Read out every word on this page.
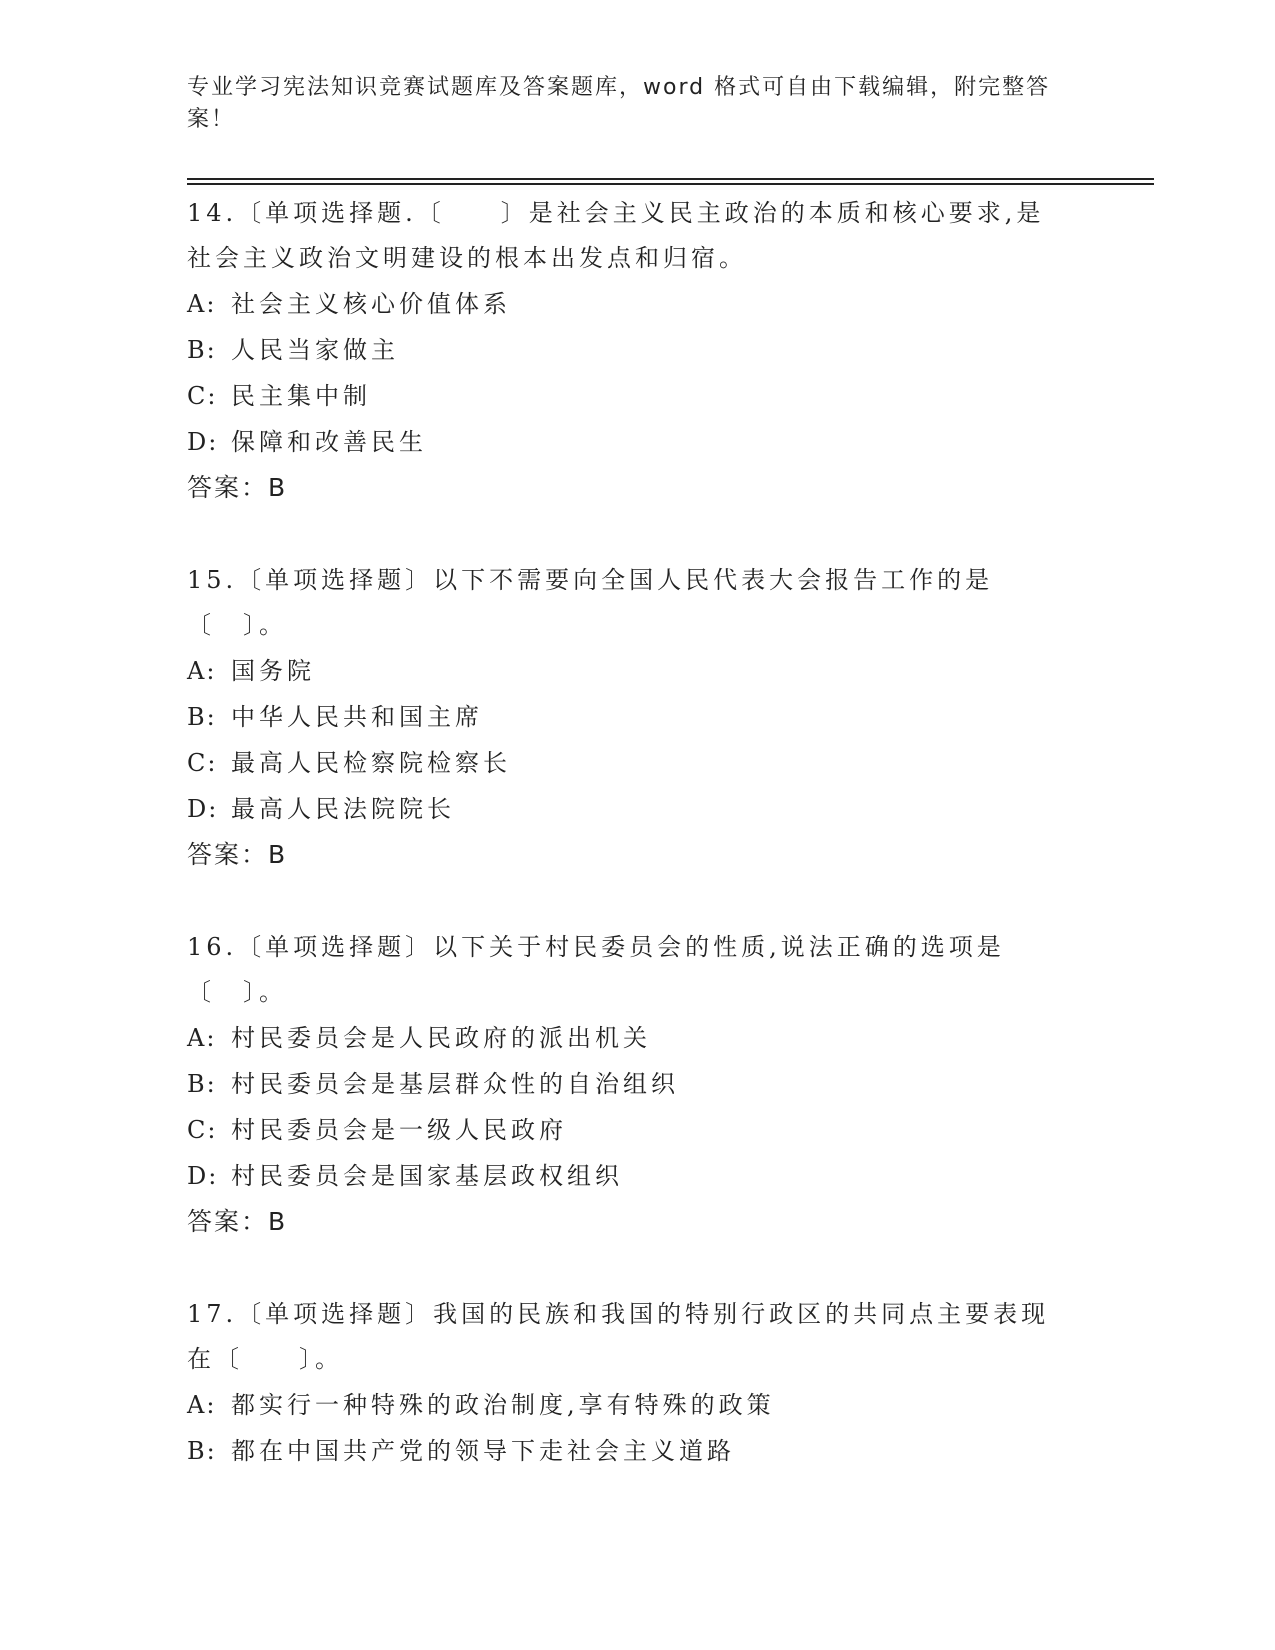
专业学习宪法知识竞赛试题库及答案题库，word 格式可自由下载编辑，附完整答案！
14.〔单项选择题.〔　　〕是社会主义民主政治的本质和核心要求,是社会主义政治文明建设的根本出发点和归宿。
A: 社会主义核心价值体系
B: 人民当家做主
C: 民主集中制
D: 保障和改善民生
答案：B
15.〔单项选择题〕以下不需要向全国人民代表大会报告工作的是〔　〕。
A: 国务院
B: 中华人民共和国主席
C: 最高人民检察院检察长
D: 最高人民法院院长
答案：B
16.〔单项选择题〕以下关于村民委员会的性质,说法正确的选项是〔　〕。
A: 村民委员会是人民政府的派出机关
B: 村民委员会是基层群众性的自治组织
C: 村民委员会是一级人民政府
D: 村民委员会是国家基层政权组织
答案：B
17.〔单项选择题〕我国的民族和我国的特别行政区的共同点主要表现在〔　　〕。
A: 都实行一种特殊的政治制度,享有特殊的政策
B: 都在中国共产党的领导下走社会主义道路
